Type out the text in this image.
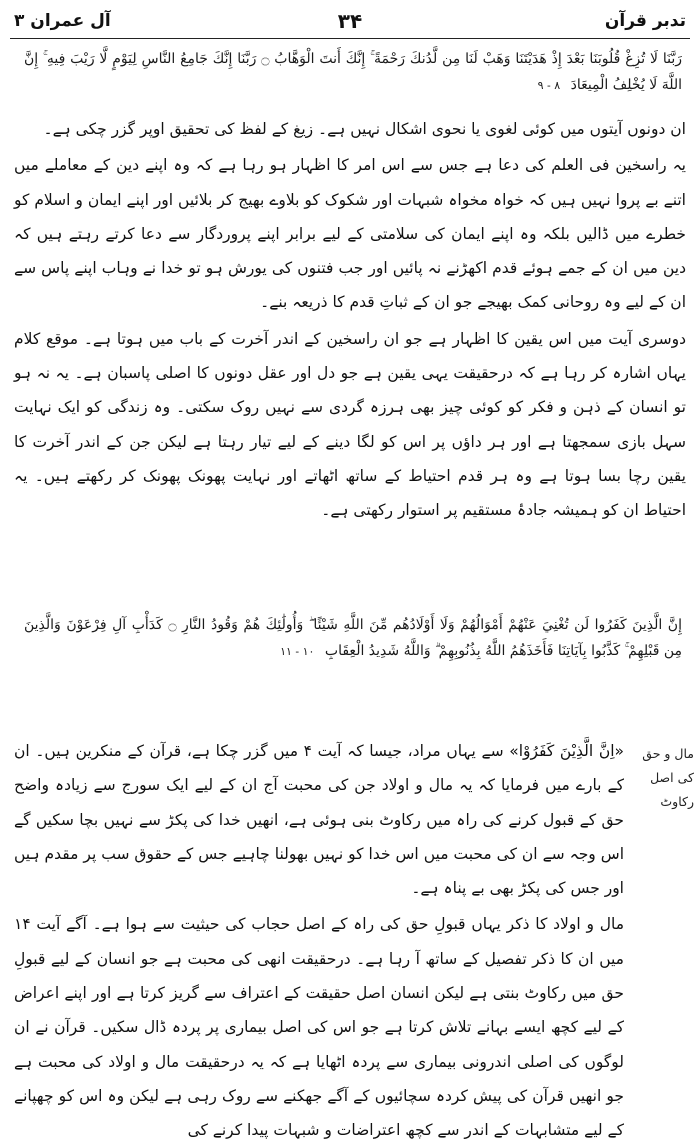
تدبر قرآن
۳۴
آل عمران ۳
رَبَّنَا لَا تُزِغْ قُلُوبَنَا بَعْدَ إِذْ هَدَيْتَنَا وَهَبْ لَنَا مِن لَّدُنكَ رَحْمَةً ۚ إِنَّكَ أَنتَ الْوَهَّابُ ۝ رَبَّنَا إِنَّكَ جَامِعُ النَّاسِ لِيَوْمٍ لَّا رَيْبَ فِيهِ ۚ إِنَّ اللَّهَ لَا يُخْلِفُ الْمِيعَادَ ۸ - ۹

ان دونوں آیتوں میں کوئی لغوی یا نحوی اشکال نہیں ہے۔ زیغ کے لفظ کی تحقیق اوپر گزر چکی ہے۔

یہ راسخین فی العلم کی دعا ہے جس سے اس امر کا اظہار ہو رہا ہے کہ وہ اپنے دین کے معاملے میں اتنے بے پروا نہیں ہیں کہ خواہ مخواہ شبہات اور شکوک کو بلاوے بھیج کر بلائیں اور اپنے ایمان و اسلام کو خطرے میں ڈالیں بلکہ وہ اپنے ایمان کی سلامتی کے لیے برابر اپنے پروردگار سے دعا کرتے رہتے ہیں کہ دین میں ان کے جمے ہوئے قدم اکھڑنے نہ پائیں اور جب فتنوں کی یورش ہو تو خدا نے وہاب اپنے پاس سے ان کے لیے وہ روحانی کمک بھیجے جو ان کے ثباتِ قدم کا ذریعہ بنے۔

دوسری آیت میں اس یقین کا اظہار ہے جو ان راسخین کے اندر آخرت کے باب میں ہوتا ہے۔ موقع کلام یہاں اشارہ کر رہا ہے کہ درحقیقت یہی یقین ہے جو دل اور عقل دونوں کا اصلی پاسبان ہے۔ یہ نہ ہو تو انسان کے ذہن و فکر کو کوئی چیز بھی ہرزہ گردی سے نہیں روک سکتی۔ وہ زندگی کو ایک نہایت سہل بازی سمجھتا ہے اور ہر داؤں پر اس کو لگا دینے کے لیے تیار رہتا ہے لیکن جن کے اندر آخرت کا یقین رچا بسا ہوتا ہے وہ ہر قدم احتیاط کے ساتھ اٹھاتے اور نہایت پھونک پھونک کر رکھتے ہیں۔ یہ احتیاط ان کو ہمیشہ جادۂ مستقیم پر استوار رکھتی ہے۔

إِنَّ الَّذِينَ كَفَرُوا لَن تُغْنِيَ عَنْهُمْ أَمْوَالُهُمْ وَلَا أَوْلَادُهُم مِّنَ اللَّهِ شَيْئًا ۖ وَأُولَٰئِكَ هُمْ وَقُودُ النَّارِ ۝ كَدَأْبِ آلِ فِرْعَوْنَ وَالَّذِينَ مِن قَبْلِهِمْ ۚ كَذَّبُوا بِآيَاتِنَا فَأَخَذَهُمُ اللَّهُ بِذُنُوبِهِمْ ۗ وَاللَّهُ شَدِيدُ الْعِقَابِ ۱۰ - ۱۱
مال و حق کی اصل رکاوٹ

«اِنَّ الَّذِیْنَ کَفَرُوْا» سے یہاں مراد، جیسا کہ آیت ۴ میں گزر چکا ہے، قرآن کے منکرین ہیں۔ ان کے بارے میں فرمایا کہ یہ مال و اولاد جن کی محبت آج ان کے لیے ایک سورج سے زیادہ واضح حق کے قبول کرنے کی راہ میں رکاوٹ بنی ہوئی ہے، انھیں خدا کی پکڑ سے نہیں بچا سکیں گے اس وجہ سے ان کی محبت میں اس خدا کو نہیں بھولنا چاہیے جس کے حقوق سب پر مقدم ہیں اور جس کی پکڑ بھی بے پناہ ہے۔

مال و اولاد کا ذکر یہاں قبولِ حق کی راہ کے اصل حجاب کی حیثیت سے ہوا ہے۔ آگے آیت ۱۴ میں ان کا ذکر تفصیل کے ساتھ آ رہا ہے۔ درحقیقت انھی کی محبت ہے جو انسان کے لیے قبولِ حق میں رکاوٹ بنتی ہے لیکن انسان اصل حقیقت کے اعتراف سے گریز کرتا ہے اور اپنے اعراض کے لیے کچھ ایسے بہانے تلاش کرتا ہے جو اس کی اصل بیماری پر پردہ ڈال سکیں۔ قرآن نے ان لوگوں کی اصلی اندرونی بیماری سے پردہ اٹھایا ہے کہ یہ درحقیقت مال و اولاد کی محبت ہے جو انھیں قرآن کی پیش کردہ سچائیوں کے آگے جھکنے سے روک رہی ہے لیکن وہ اس کو چھپانے کے لیے متشابہات کے اندر سے کچھ اعتراضات و شبہات پیدا کرنے کی
